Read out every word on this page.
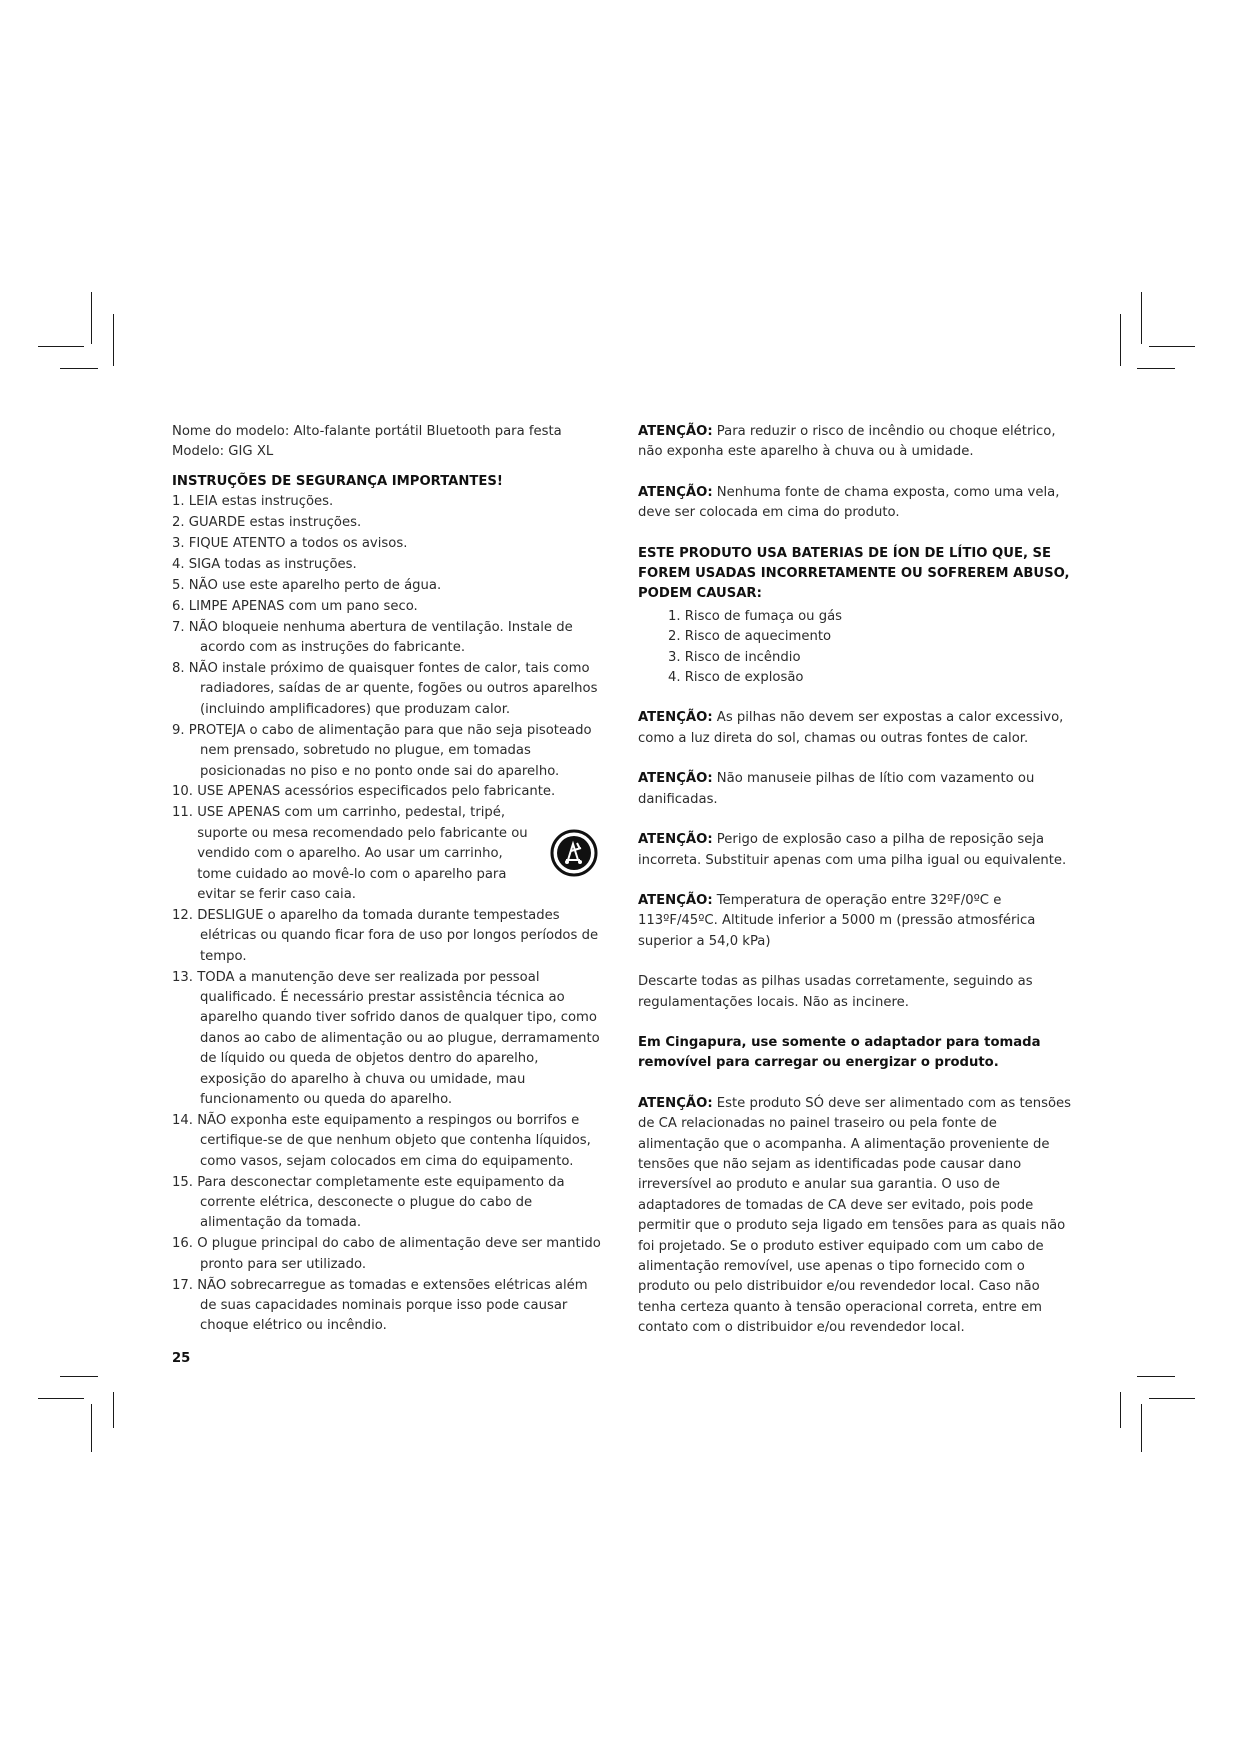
Nome do modelo: Alto-falante portátil Bluetooth para festa

Modelo: GIG XL

INSTRUÇÕES DE SEGURANÇA IMPORTANTES!

1. LEIA estas instruções.
2. GUARDE estas instruções.
3. FIQUE ATENTO a todos os avisos.
4. SIGA todas as instruções.
5. NÃO use este aparelho perto de água.
6. LIMPE APENAS com um pano seco.
7. NÃO bloqueie nenhuma abertura de ventilação. Instale de acordo com as instruções do fabricante.
8. NÃO instale próximo de quaisquer fontes de calor, tais como radiadores, saídas de ar quente, fogões ou outros aparelhos (incluindo amplificadores) que produzam calor.
9. PROTEJA o cabo de alimentação para que não seja pisoteado nem prensado, sobretudo no plugue, em tomadas posicionadas no piso e no ponto onde sai do aparelho.
10. USE APENAS acessórios especificados pelo fabricante.
11. USE APENAS com um carrinho, pedestal, tripé, suporte ou mesa recomendado pelo fabricante ou vendido com o aparelho. Ao usar um carrinho, tome cuidado ao movê-lo com o aparelho para evitar se ferir caso caia.
12. DESLIGUE o aparelho da tomada durante tempestades elétricas ou quando ficar fora de uso por longos períodos de tempo.
13. TODA a manutenção deve ser realizada por pessoal qualificado. É necessário prestar assistência técnica ao aparelho quando tiver sofrido danos de qualquer tipo, como danos ao cabo de alimentação ou ao plugue, derramamento de líquido ou queda de objetos dentro do aparelho, exposição do aparelho à chuva ou umidade, mau funcionamento ou queda do aparelho.
14. NÃO exponha este equipamento a respingos ou borrifos e certifique-se de que nenhum objeto que contenha líquidos, como vasos, sejam colocados em cima do equipamento.
15. Para desconectar completamente este equipamento da corrente elétrica, desconecte o plugue do cabo de alimentação da tomada.
16. O plugue principal do cabo de alimentação deve ser mantido pronto para ser utilizado.
17. NÃO sobrecarregue as tomadas e extensões elétricas além de suas capacidades nominais porque isso pode causar choque elétrico ou incêndio.

25

ATENÇÃO: Para reduzir o risco de incêndio ou choque elétrico, não exponha este aparelho à chuva ou à umidade.

ATENÇÃO: Nenhuma fonte de chama exposta, como uma vela, deve ser colocada em cima do produto.

ESTE PRODUTO USA BATERIAS DE ÍON DE LÍTIO QUE, SE FOREM USADAS INCORRETAMENTE OU SOFREREM ABUSO, PODEM CAUSAR:

1. Risco de fumaça ou gás
2. Risco de aquecimento
3. Risco de incêndio
4. Risco de explosão

ATENÇÃO: As pilhas não devem ser expostas a calor excessivo, como a luz direta do sol, chamas ou outras fontes de calor.

ATENÇÃO: Não manuseie pilhas de lítio com vazamento ou danificadas.

ATENÇÃO: Perigo de explosão caso a pilha de reposição seja incorreta. Substituir apenas com uma pilha igual ou equivalente.

ATENÇÃO: Temperatura de operação entre 32ºF/0ºC e 113ºF/45ºC. Altitude inferior a 5000 m (pressão atmosférica superior a 54,0 kPa)

Descarte todas as pilhas usadas corretamente, seguindo as regulamentações locais. Não as incinere.

Em Cingapura, use somente o adaptador para tomada removível para carregar ou energizar o produto.

ATENÇÃO: Este produto SÓ deve ser alimentado com as tensões de CA relacionadas no painel traseiro ou pela fonte de alimentação que o acompanha. A alimentação proveniente de tensões que não sejam as identificadas pode causar dano irreversível ao produto e anular sua garantia. O uso de adaptadores de tomadas de CA deve ser evitado, pois pode permitir que o produto seja ligado em tensões para as quais não foi projetado. Se o produto estiver equipado com um cabo de alimentação removível, use apenas o tipo fornecido com o produto ou pelo distribuidor e/ou revendedor local. Caso não tenha certeza quanto à tensão operacional correta, entre em contato com o distribuidor e/ou revendedor local.
